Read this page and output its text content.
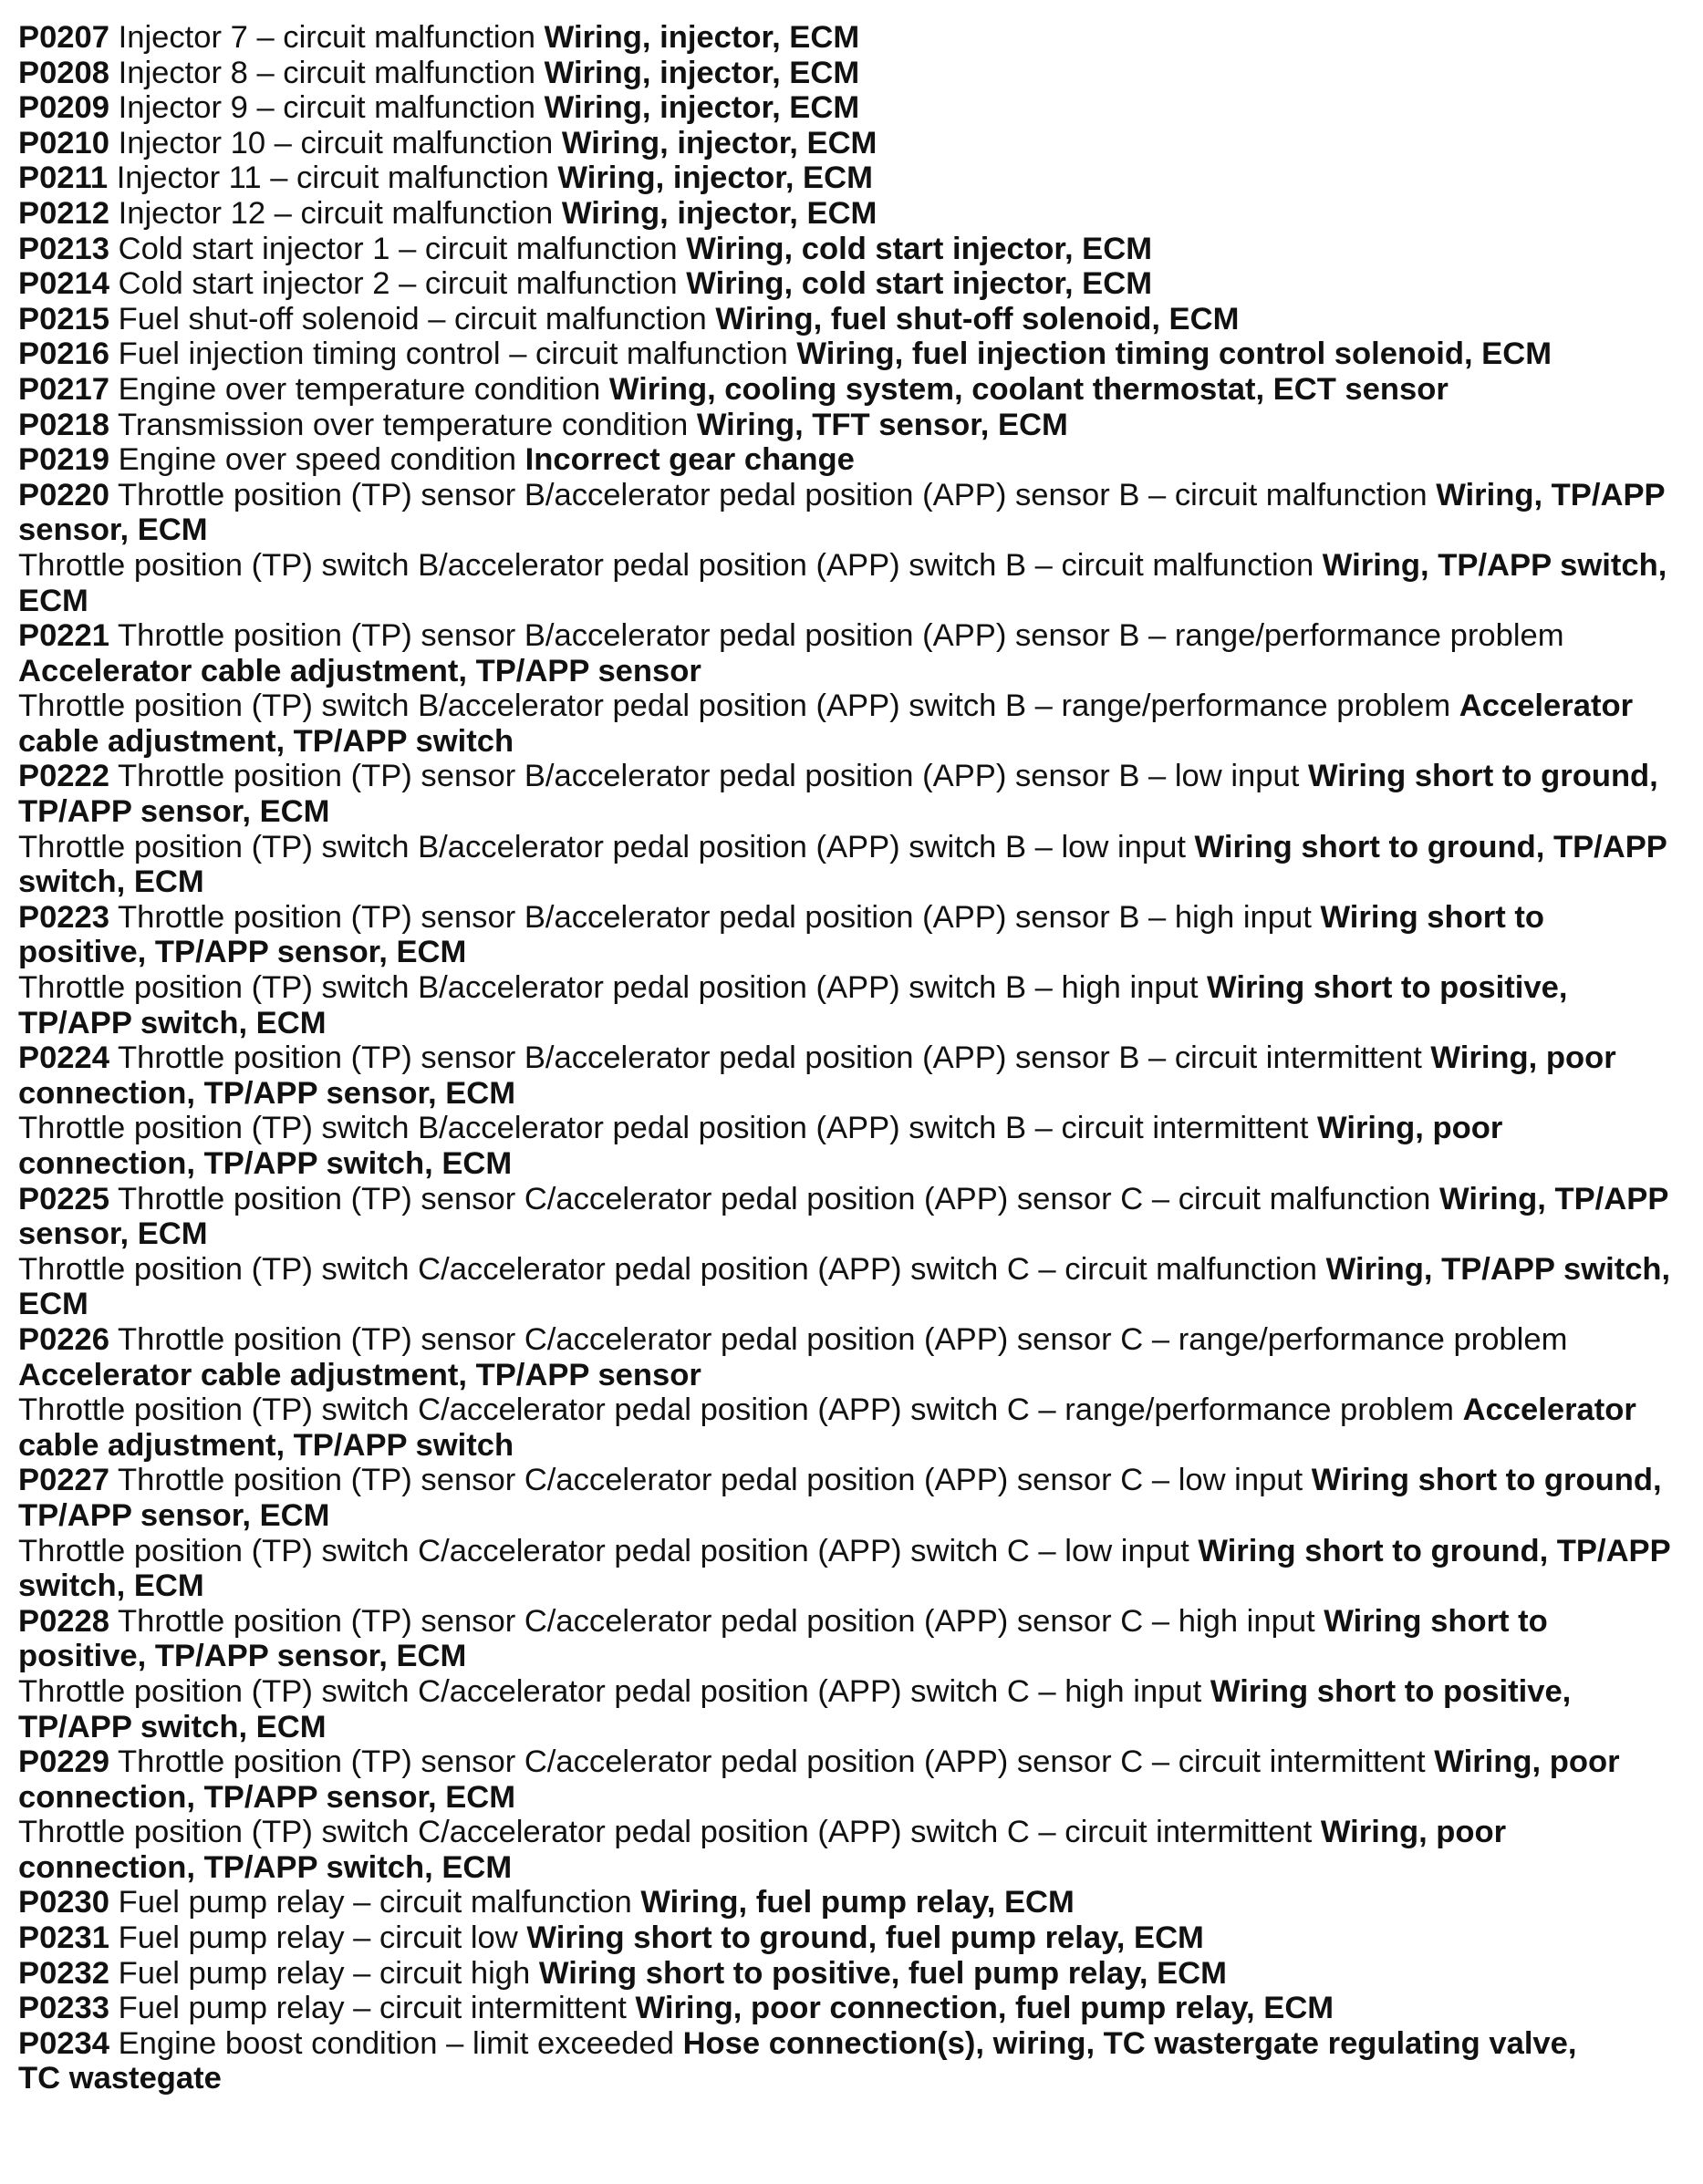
P0207 Injector 7 – circuit malfunction Wiring, injector, ECM

P0208 Injector 8 – circuit malfunction Wiring, injector, ECM

P0209 Injector 9 – circuit malfunction Wiring, injector, ECM

P0210 Injector 10 – circuit malfunction Wiring, injector, ECM

P0211 Injector 11 – circuit malfunction Wiring, injector, ECM

P0212 Injector 12 – circuit malfunction Wiring, injector, ECM

P0213 Cold start injector 1 – circuit malfunction Wiring, cold start injector, ECM

P0214 Cold start injector 2 – circuit malfunction Wiring, cold start injector, ECM

P0215 Fuel shut-off solenoid – circuit malfunction Wiring, fuel shut-off solenoid, ECM

P0216 Fuel injection timing control – circuit malfunction Wiring, fuel injection timing control solenoid, ECM

P0217 Engine over temperature condition Wiring, cooling system, coolant thermostat, ECT sensor

P0218 Transmission over temperature condition Wiring, TFT sensor, ECM

P0219 Engine over speed condition Incorrect gear change

P0220 Throttle position (TP) sensor B/accelerator pedal position (APP) sensor B – circuit malfunction Wiring, TP/APP sensor, ECM

Throttle position (TP) switch B/accelerator pedal position (APP) switch B – circuit malfunction Wiring, TP/APP switch, ECM

P0221 Throttle position (TP) sensor B/accelerator pedal position (APP) sensor B – range/performance problem Accelerator cable adjustment, TP/APP sensor

Throttle position (TP) switch B/accelerator pedal position (APP) switch B – range/performance problem Accelerator cable adjustment, TP/APP switch

P0222 Throttle position (TP) sensor B/accelerator pedal position (APP) sensor B – low input Wiring short to ground, TP/APP sensor, ECM

Throttle position (TP) switch B/accelerator pedal position (APP) switch B – low input Wiring short to ground, TP/APP switch, ECM

P0223 Throttle position (TP) sensor B/accelerator pedal position (APP) sensor B – high input Wiring short to positive, TP/APP sensor, ECM

Throttle position (TP) switch B/accelerator pedal position (APP) switch B – high input Wiring short to positive, TP/APP switch, ECM

P0224 Throttle position (TP) sensor B/accelerator pedal position (APP) sensor B – circuit intermittent Wiring, poor connection, TP/APP sensor, ECM

Throttle position (TP) switch B/accelerator pedal position (APP) switch B – circuit intermittent Wiring, poor connection, TP/APP switch, ECM

P0225 Throttle position (TP) sensor C/accelerator pedal position (APP) sensor C – circuit malfunction Wiring, TP/APP sensor, ECM

Throttle position (TP) switch C/accelerator pedal position (APP) switch C – circuit malfunction Wiring, TP/APP switch, ECM

P0226 Throttle position (TP) sensor C/accelerator pedal position (APP) sensor C – range/performance problem Accelerator cable adjustment, TP/APP sensor

Throttle position (TP) switch C/accelerator pedal position (APP) switch C – range/performance problem Accelerator cable adjustment, TP/APP switch

P0227 Throttle position (TP) sensor C/accelerator pedal position (APP) sensor C – low input Wiring short to ground, TP/APP sensor, ECM

Throttle position (TP) switch C/accelerator pedal position (APP) switch C – low input Wiring short to ground, TP/APP switch, ECM

P0228 Throttle position (TP) sensor C/accelerator pedal position (APP) sensor C – high input Wiring short to positive, TP/APP sensor, ECM

Throttle position (TP) switch C/accelerator pedal position (APP) switch C – high input Wiring short to positive, TP/APP switch, ECM

P0229 Throttle position (TP) sensor C/accelerator pedal position (APP) sensor C – circuit intermittent Wiring, poor connection, TP/APP sensor, ECM

Throttle position (TP) switch C/accelerator pedal position (APP) switch C – circuit intermittent Wiring, poor connection, TP/APP switch, ECM

P0230 Fuel pump relay – circuit malfunction Wiring, fuel pump relay, ECM

P0231 Fuel pump relay – circuit low Wiring short to ground, fuel pump relay, ECM

P0232 Fuel pump relay – circuit high Wiring short to positive, fuel pump relay, ECM

P0233 Fuel pump relay – circuit intermittent Wiring, poor connection, fuel pump relay, ECM

P0234 Engine boost condition – limit exceeded Hose connection(s), wiring, TC wastergate regulating valve,

TC wastegate
